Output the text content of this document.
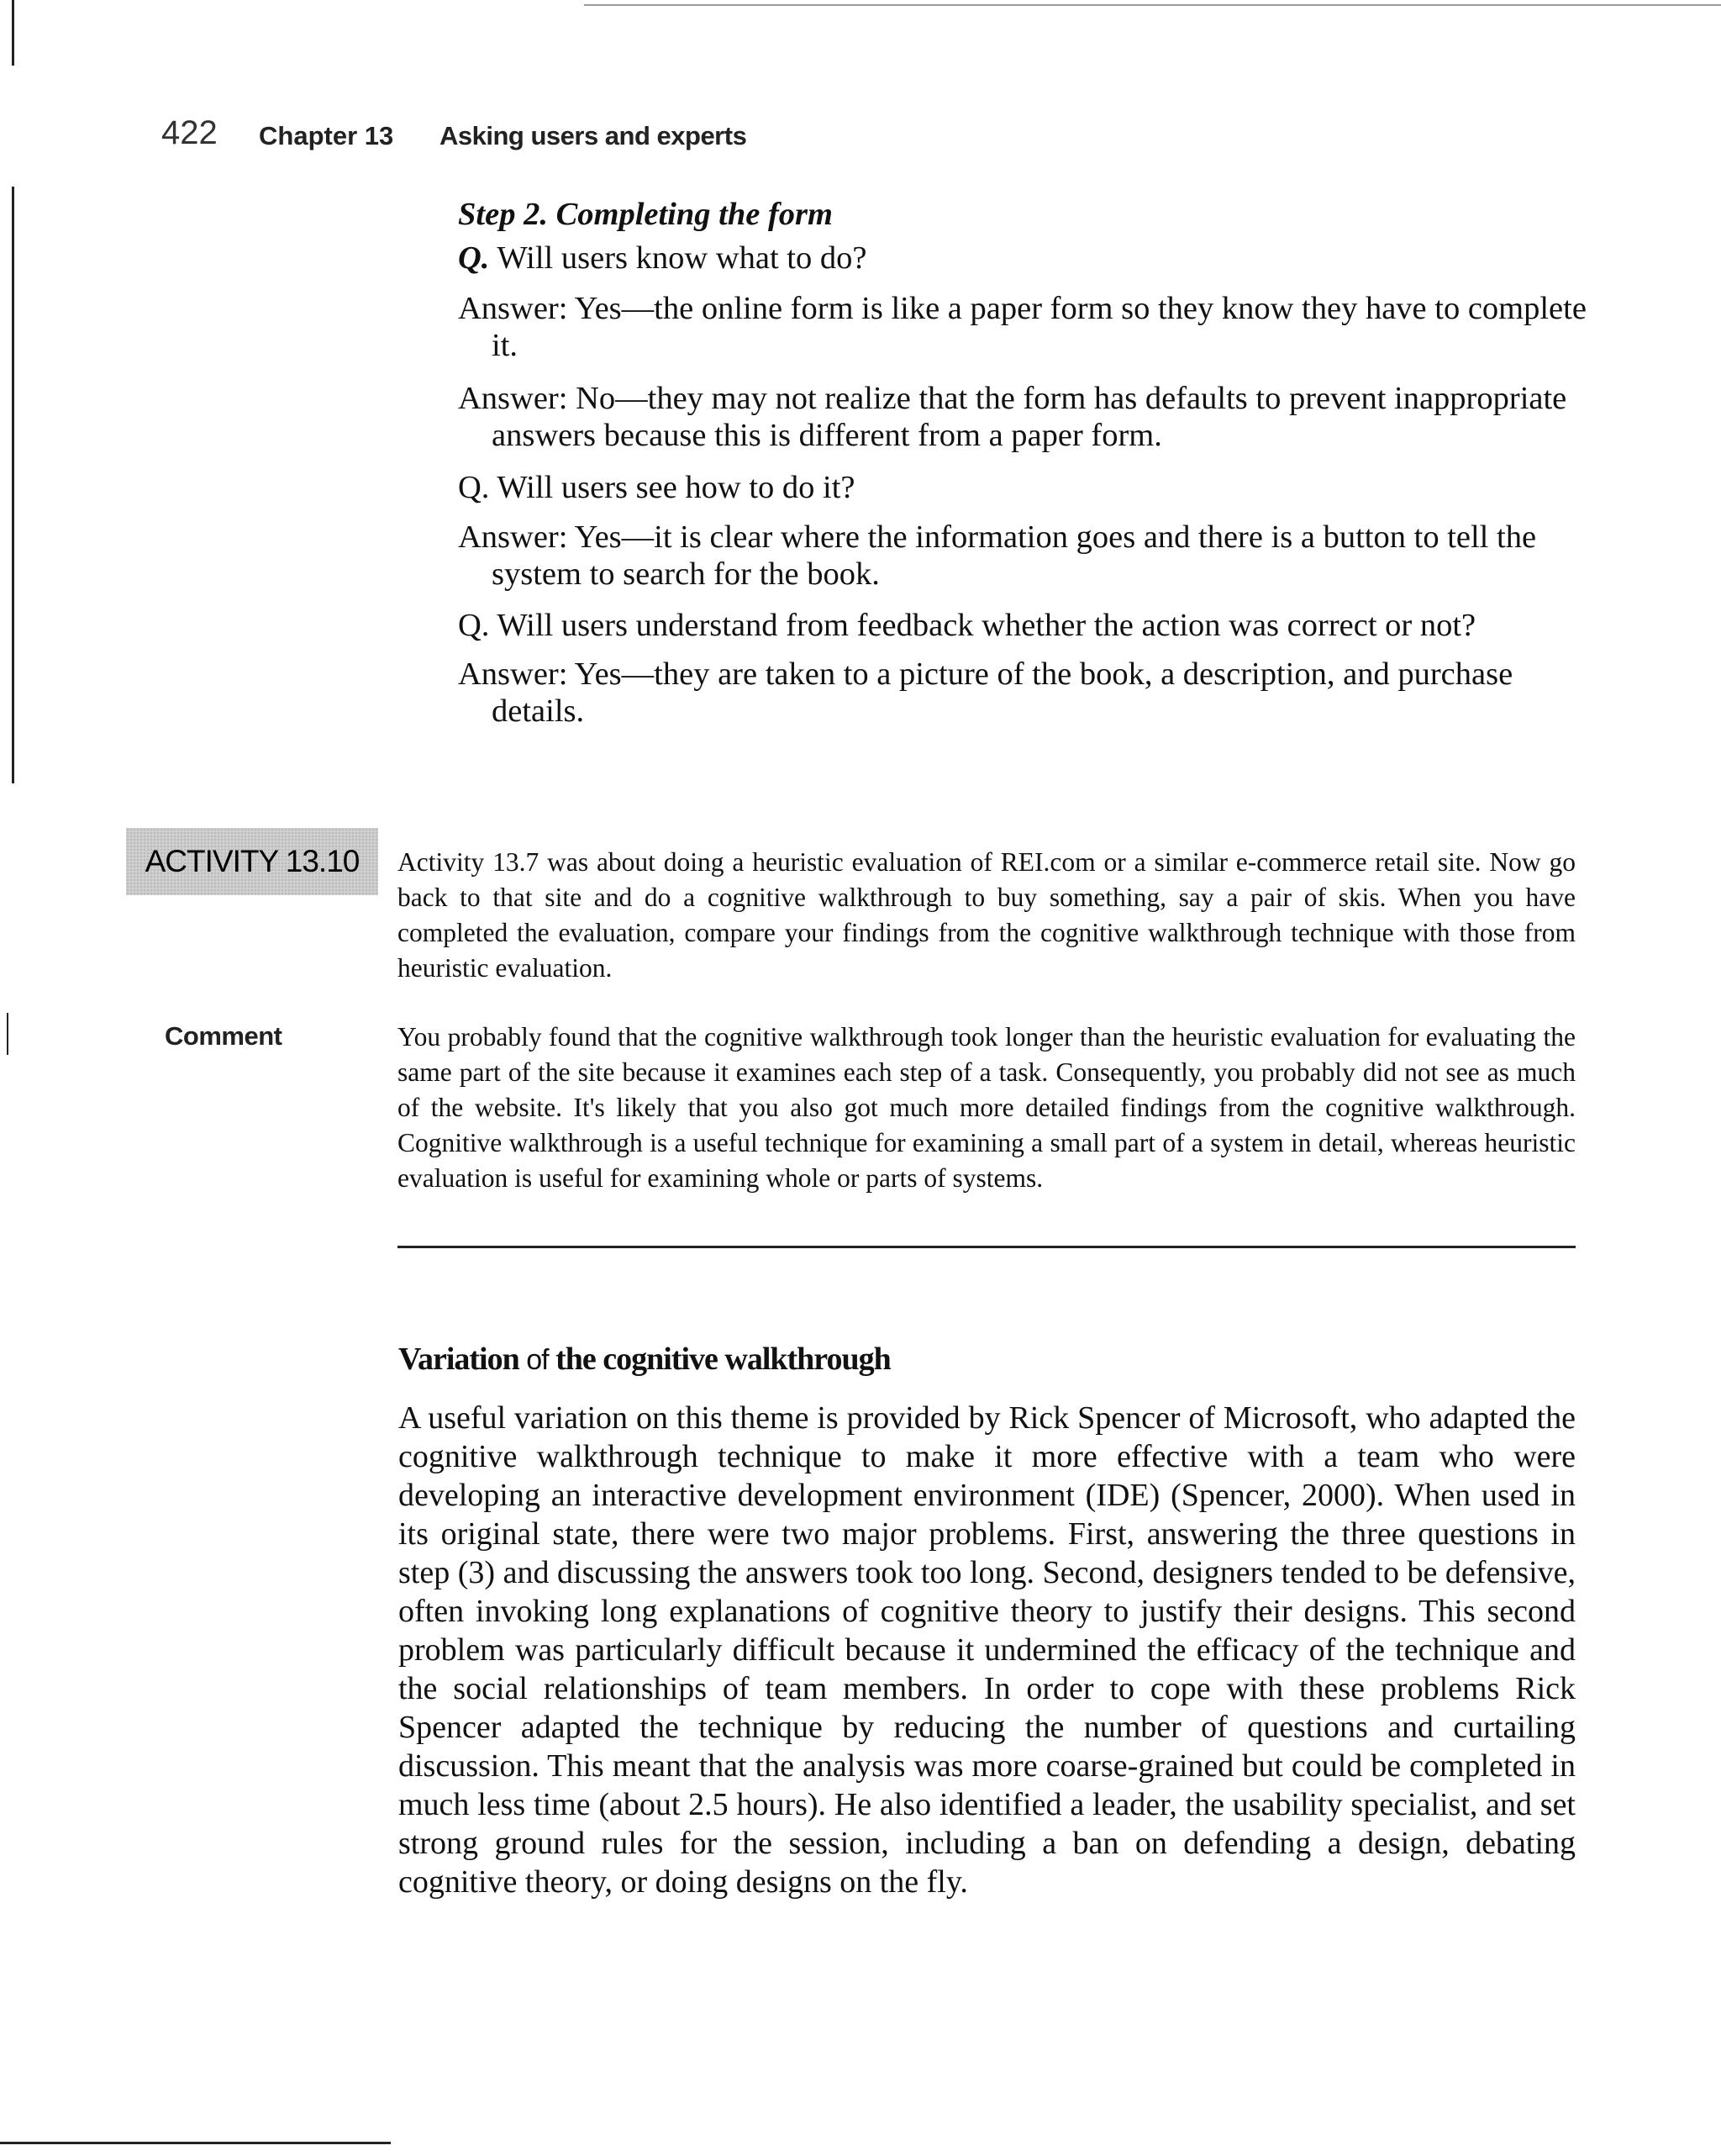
422 Chapter 13 Asking users and experts
Step 2. Completing the form
Q. Will users know what to do?
Answer: Yes—the online form is like a paper form so they know they have to complete it.
Answer: No—they may not realize that the form has defaults to prevent inappropriate answers because this is different from a paper form.
Q. Will users see how to do it?
Answer: Yes—it is clear where the information goes and there is a button to tell the system to search for the book.
Q. Will users understand from feedback whether the action was correct or not?
Answer: Yes—they are taken to a picture of the book, a description, and purchase details.
ACTIVITY 13.10	Activity 13.7 was about doing a heuristic evaluation of REI.com or a similar e-commerce retail site. Now go back to that site and do a cognitive walkthrough to buy something, say a pair of skis. When you have completed the evaluation, compare your findings from the cognitive walkthrough technique with those from heuristic evaluation.
Comment	You probably found that the cognitive walkthrough took longer than the heuristic evaluation for evaluating the same part of the site because it examines each step of a task. Consequently, you probably did not see as much of the website. It's likely that you also got much more detailed findings from the cognitive walkthrough. Cognitive walkthrough is a useful technique for examining a small part of a system in detail, whereas heuristic evaluation is useful for examining whole or parts of systems.
Variation of the cognitive walkthrough
A useful variation on this theme is provided by Rick Spencer of Microsoft, who adapted the cognitive walkthrough technique to make it more effective with a team who were developing an interactive development environment (IDE) (Spencer, 2000). When used in its original state, there were two major problems. First, answering the three questions in step (3) and discussing the answers took too long. Second, designers tended to be defensive, often invoking long explanations of cognitive theory to justify their designs. This second problem was particularly difficult because it undermined the efficacy of the technique and the social relationships of team members. In order to cope with these problems Rick Spencer adapted the technique by reducing the number of questions and curtailing discussion. This meant that the analysis was more coarse-grained but could be completed in much less time (about 2.5 hours). He also identified a leader, the usability specialist, and set strong ground rules for the session, including a ban on defending a design, debating cognitive theory, or doing designs on the fly.
